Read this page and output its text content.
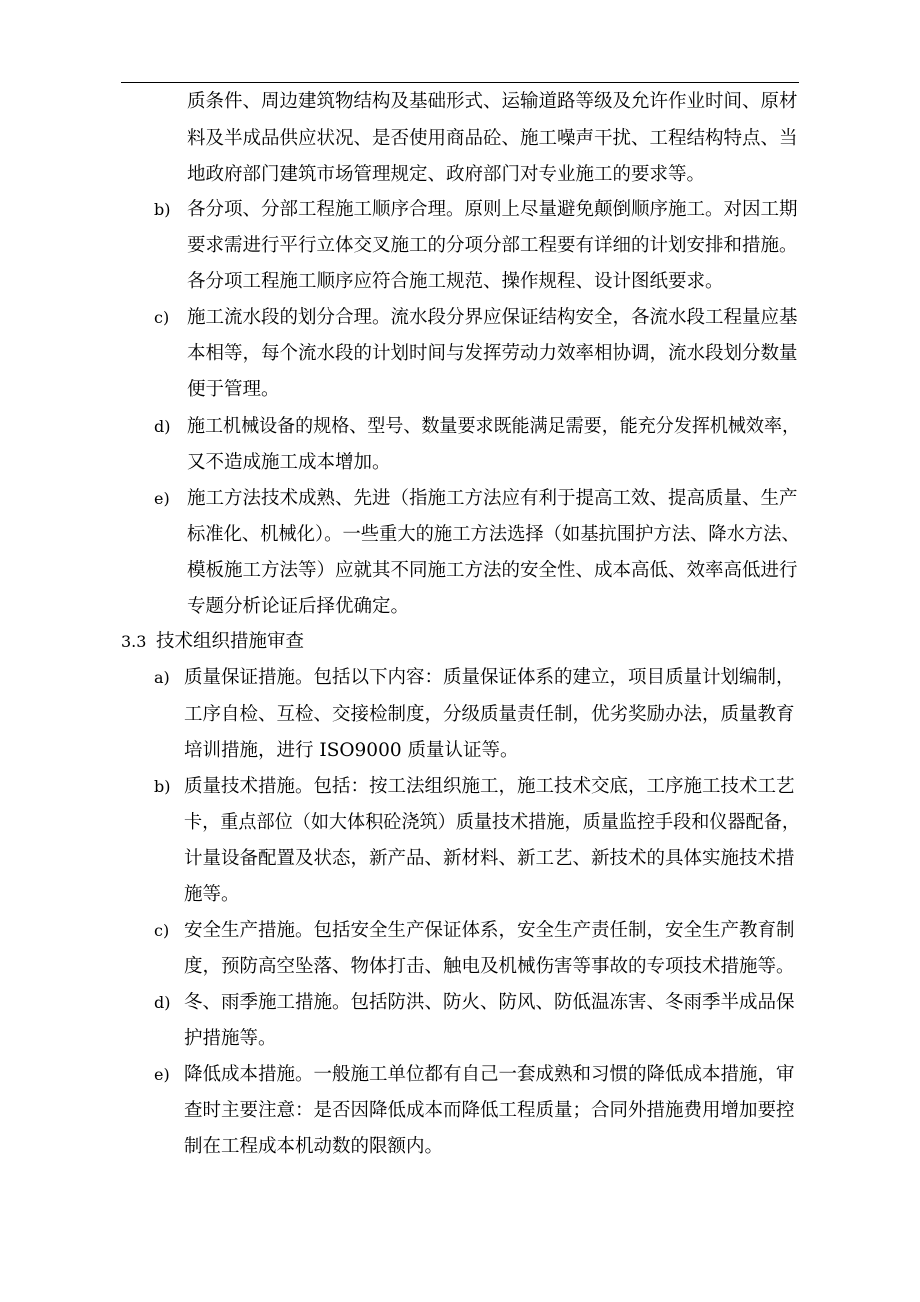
质条件、周边建筑物结构及基础形式、运输道路等级及允许作业时间、原材
料及半成品供应状况、是否使用商品砼、施工噪声干扰、工程结构特点、当
地政府部门建筑市场管理规定、政府部门对专业施工的要求等。
b) 各分项、分部工程施工顺序合理。原则上尽量避免颠倒顺序施工。对因工期
要求需进行平行立体交叉施工的分项分部工程要有详细的计划安排和措施。
各分项工程施工顺序应符合施工规范、操作规程、设计图纸要求。
c) 施工流水段的划分合理。流水段分界应保证结构安全，各流水段工程量应基
本相等，每个流水段的计划时间与发挥劳动力效率相协调，流水段划分数量
便于管理。
d) 施工机械设备的规格、型号、数量要求既能满足需要，能充分发挥机械效率，
又不造成施工成本增加。
e) 施工方法技术成熟、先进（指施工方法应有利于提高工效、提高质量、生产
标准化、机械化）。一些重大的施工方法选择（如基抗围护方法、降水方法、
模板施工方法等）应就其不同施工方法的安全性、成本高低、效率高低进行
专题分析论证后择优确定。
3.3 技术组织措施审查
a) 质量保证措施。包括以下内容：质量保证体系的建立，项目质量计划编制，
工序自检、互检、交接检制度，分级质量责任制，优劣奖励办法，质量教育
培训措施，进行 ISO9000 质量认证等。
b) 质量技术措施。包括：按工法组织施工，施工技术交底，工序施工技术工艺
卡，重点部位（如大体积砼浇筑）质量技术措施，质量监控手段和仪器配备，
计量设备配置及状态，新产品、新材料、新工艺、新技术的具体实施技术措
施等。
c) 安全生产措施。包括安全生产保证体系，安全生产责任制，安全生产教育制
度，预防高空坠落、物体打击、触电及机械伤害等事故的专项技术措施等。
d) 冬、雨季施工措施。包括防洪、防火、防风、防低温冻害、冬雨季半成品保
护措施等。
e) 降低成本措施。一般施工单位都有自己一套成熟和习惯的降低成本措施，审
查时主要注意：是否因降低成本而降低工程质量；合同外措施费用增加要控
制在工程成本机动数的限额内。
